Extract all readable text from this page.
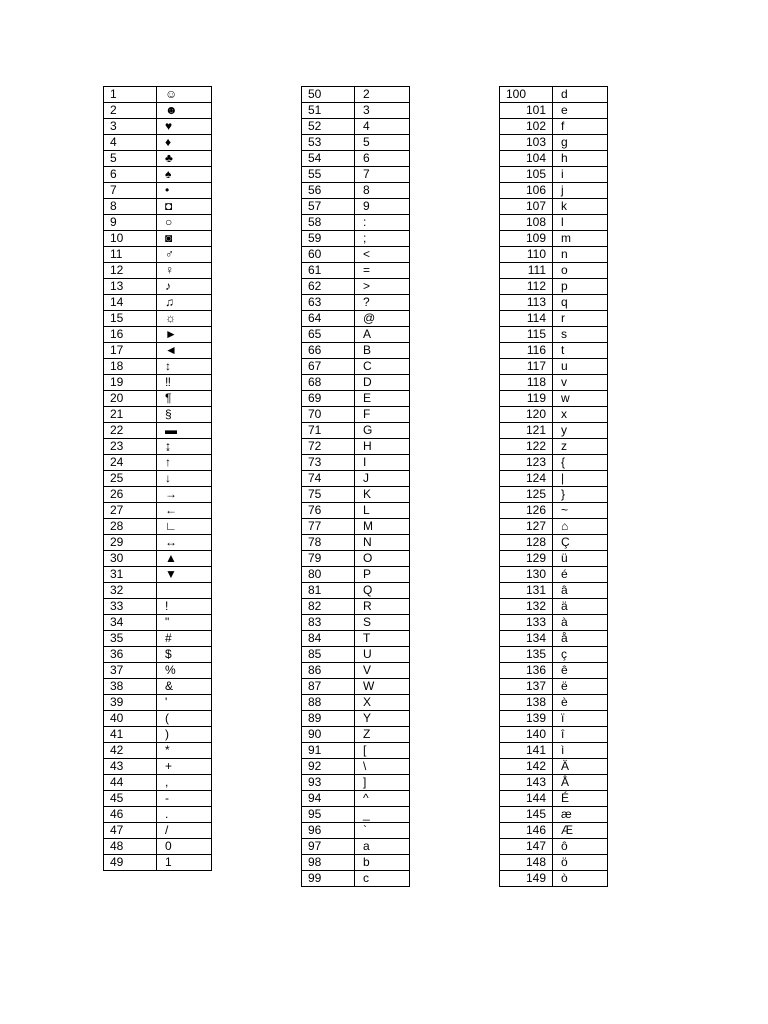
1	☺
2	☻
3	♥
4	♦
5	♣
6	♠
7	•
8	◘
9	○
10	◙
11	♂
12	♀
13	♪
14	♫
15	☼
16	►
17	◄
18	↕
19	‼
20	¶
21	§
22	▬
23	↨
24	↑
25	↓
26	→
27	←
28	∟
29	↔
30	▲
31	▼
32	
33	!
34	"
35	#
36	$
37	%
38	&
39	'
40	(
41	)
42	*
43	+
44	,
45	-
46	.
47	/
48	0
49	1
50	2
51	3
52	4
53	5
54	6
55	7
56	8
57	9
58	:
59	;
60	<
61	=
62	>
63	?
64	@
65	A
66	B
67	C
68	D
69	E
70	F
71	G
72	H
73	I
74	J
75	K
76	L
77	M
78	N
79	O
80	P
81	Q
82	R
83	S
84	T
85	U
86	V
87	W
88	X
89	Y
90	Z
91	[
92	\
93	]
94	^
95	_
96	`
97	a
98	b
99	c
100	d
101	e
102	f
103	g
104	h
105	i
106	j
107	k
108	l
109	m
110	n
111	o
112	p
113	q
114	r
115	s
116	t
117	u
118	v
119	w
120	x
121	y
122	z
123	{
124	|
125	}
126	~
127	⌂
128	Ç
129	ü
130	é
131	â
132	ä
133	à
134	å
135	ç
136	ê
137	ë
138	è
139	ï
140	î
141	ì
142	Ä
143	Å
144	É
145	æ
146	Æ
147	ô
148	ö
149	ò
